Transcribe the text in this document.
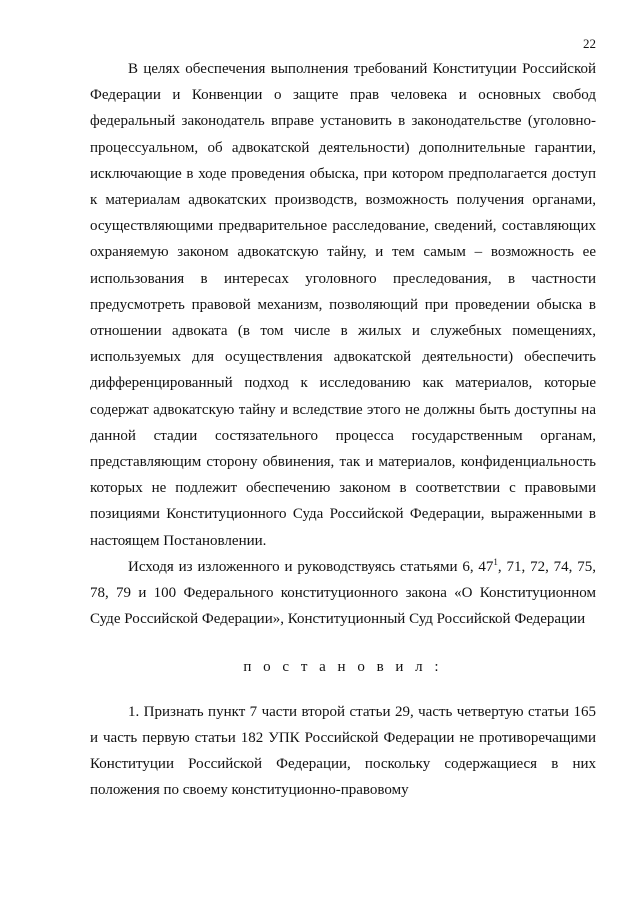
22

В целях обеспечения выполнения требований Конституции Российской Федерации и Конвенции о защите прав человека и основных свобод федеральный законодатель вправе установить в законодательстве (уголовно-процессуальном, об адвокатской деятельности) дополнительные гарантии, исключающие в ходе проведения обыска, при котором предполагается доступ к материалам адвокатских производств, возможность получения органами, осуществляющими предварительное расследование, сведений, составляющих охраняемую законом адвокатскую тайну, и тем самым – возможность ее использования в интересах уголовного преследования, в частности предусмотреть правовой механизм, позволяющий при проведении обыска в отношении адвоката (в том числе в жилых и служебных помещениях, используемых для осуществления адвокатской деятельности) обеспечить дифференцированный подход к исследованию как материалов, которые содержат адвокатскую тайну и вследствие этого не должны быть доступны на данной стадии состязательного процесса государственным органам, представляющим сторону обвинения, так и материалов, конфиденциальность которых не подлежит обеспечению законом в соответствии с правовыми позициями Конституционного Суда Российской Федерации, выраженными в настоящем Постановлении.

Исходя из изложенного и руководствуясь статьями 6, $47^1$, 71, 72, 74, 75, 78, 79 и 100 Федерального конституционного закона «О Конституционном Суде Российской Федерации», Конституционный Суд Российской Федерации

п о с т а н о в и л :

1. Признать пункт 7 части второй статьи 29, часть четвертую статьи 165 и часть первую статьи 182 УПК Российской Федерации не противоречащими Конституции Российской Федерации, поскольку содержащиеся в них положения по своему конституционно-правовому
